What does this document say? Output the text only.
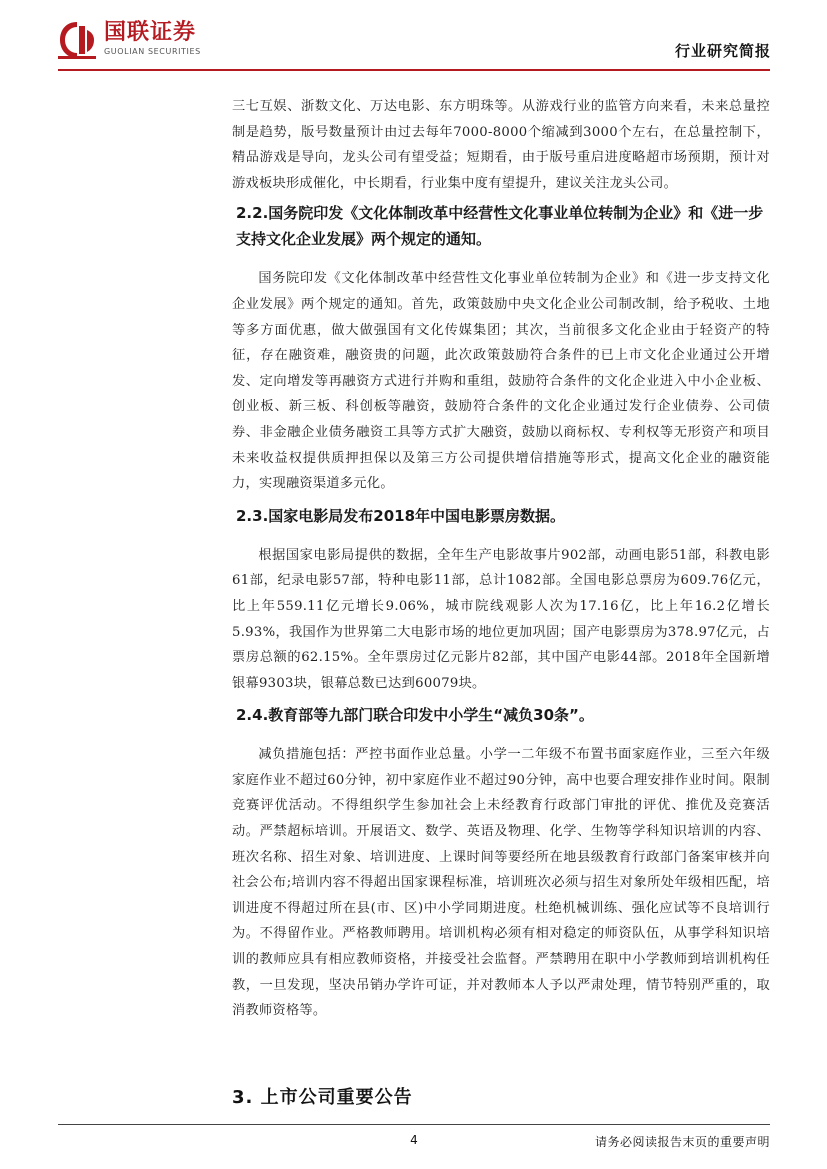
国联证券
GUOLIAN SECURITIES	行业研究简报

三七互娱、浙数文化、万达电影、东方明珠等。从游戏行业的监管方向来看，未来总量控制是趋势，版号数量预计由过去每年7000-8000个缩减到3000个左右，在总量控制下，精品游戏是导向，龙头公司有望受益；短期看，由于版号重启进度略超市场预期，预计对游戏板块形成催化，中长期看，行业集中度有望提升，建议关注龙头公司。

2.2.国务院印发《文化体制改革中经营性文化事业单位转制为企业》和《进一步支持文化企业发展》两个规定的通知。

国务院印发《文化体制改革中经营性文化事业单位转制为企业》和《进一步支持文化企业发展》两个规定的通知。首先，政策鼓励中央文化企业公司制改制，给予税收、土地等多方面优惠，做大做强国有文化传媒集团；其次，当前很多文化企业由于轻资产的特征，存在融资难，融资贵的问题，此次政策鼓励符合条件的已上市文化企业通过公开增发、定向增发等再融资方式进行并购和重组，鼓励符合条件的文化企业进入中小企业板、创业板、新三板、科创板等融资，鼓励符合条件的文化企业通过发行企业债券、公司债券、非金融企业债务融资工具等方式扩大融资，鼓励以商标权、专利权等无形资产和项目未来收益权提供质押担保以及第三方公司提供增信措施等形式，提高文化企业的融资能力，实现融资渠道多元化。

2.3.国家电影局发布2018年中国电影票房数据。

根据国家电影局提供的数据，全年生产电影故事片902部，动画电影51部，科教电影61部，纪录电影57部，特种电影11部，总计1082部。全国电影总票房为609.76亿元，比上年559.11亿元增长9.06%，城市院线观影人次为17.16亿，比上年16.2亿增长5.93%，我国作为世界第二大电影市场的地位更加巩固；国产电影票房为378.97亿元，占票房总额的62.15%。全年票房过亿元影片82部，其中国产电影44部。2018年全国新增银幕9303块，银幕总数已达到60079块。

2.4.教育部等九部门联合印发中小学生“减负30条”。

减负措施包括：严控书面作业总量。小学一二年级不布置书面家庭作业，三至六年级家庭作业不超过60分钟，初中家庭作业不超过90分钟，高中也要合理安排作业时间。限制竞赛评优活动。不得组织学生参加社会上未经教育行政部门审批的评优、推优及竞赛活动。严禁超标培训。开展语文、数学、英语及物理、化学、生物等学科知识培训的内容、班次名称、招生对象、培训进度、上课时间等要经所在地县级教育行政部门备案审核并向社会公布;培训内容不得超出国家课程标准，培训班次必须与招生对象所处年级相匹配，培训进度不得超过所在县(市、区)中小学同期进度。杜绝机械训练、强化应试等不良培训行为。不得留作业。严格教师聘用。培训机构必须有相对稳定的师资队伍，从事学科知识培训的教师应具有相应教师资格，并接受社会监督。严禁聘用在职中小学教师到培训机构任教，一旦发现，坚决吊销办学许可证，并对教师本人予以严肃处理，情节特别严重的，取消教师资格等。

3. 上市公司重要公告
4	请务必阅读报告末页的重要声明
